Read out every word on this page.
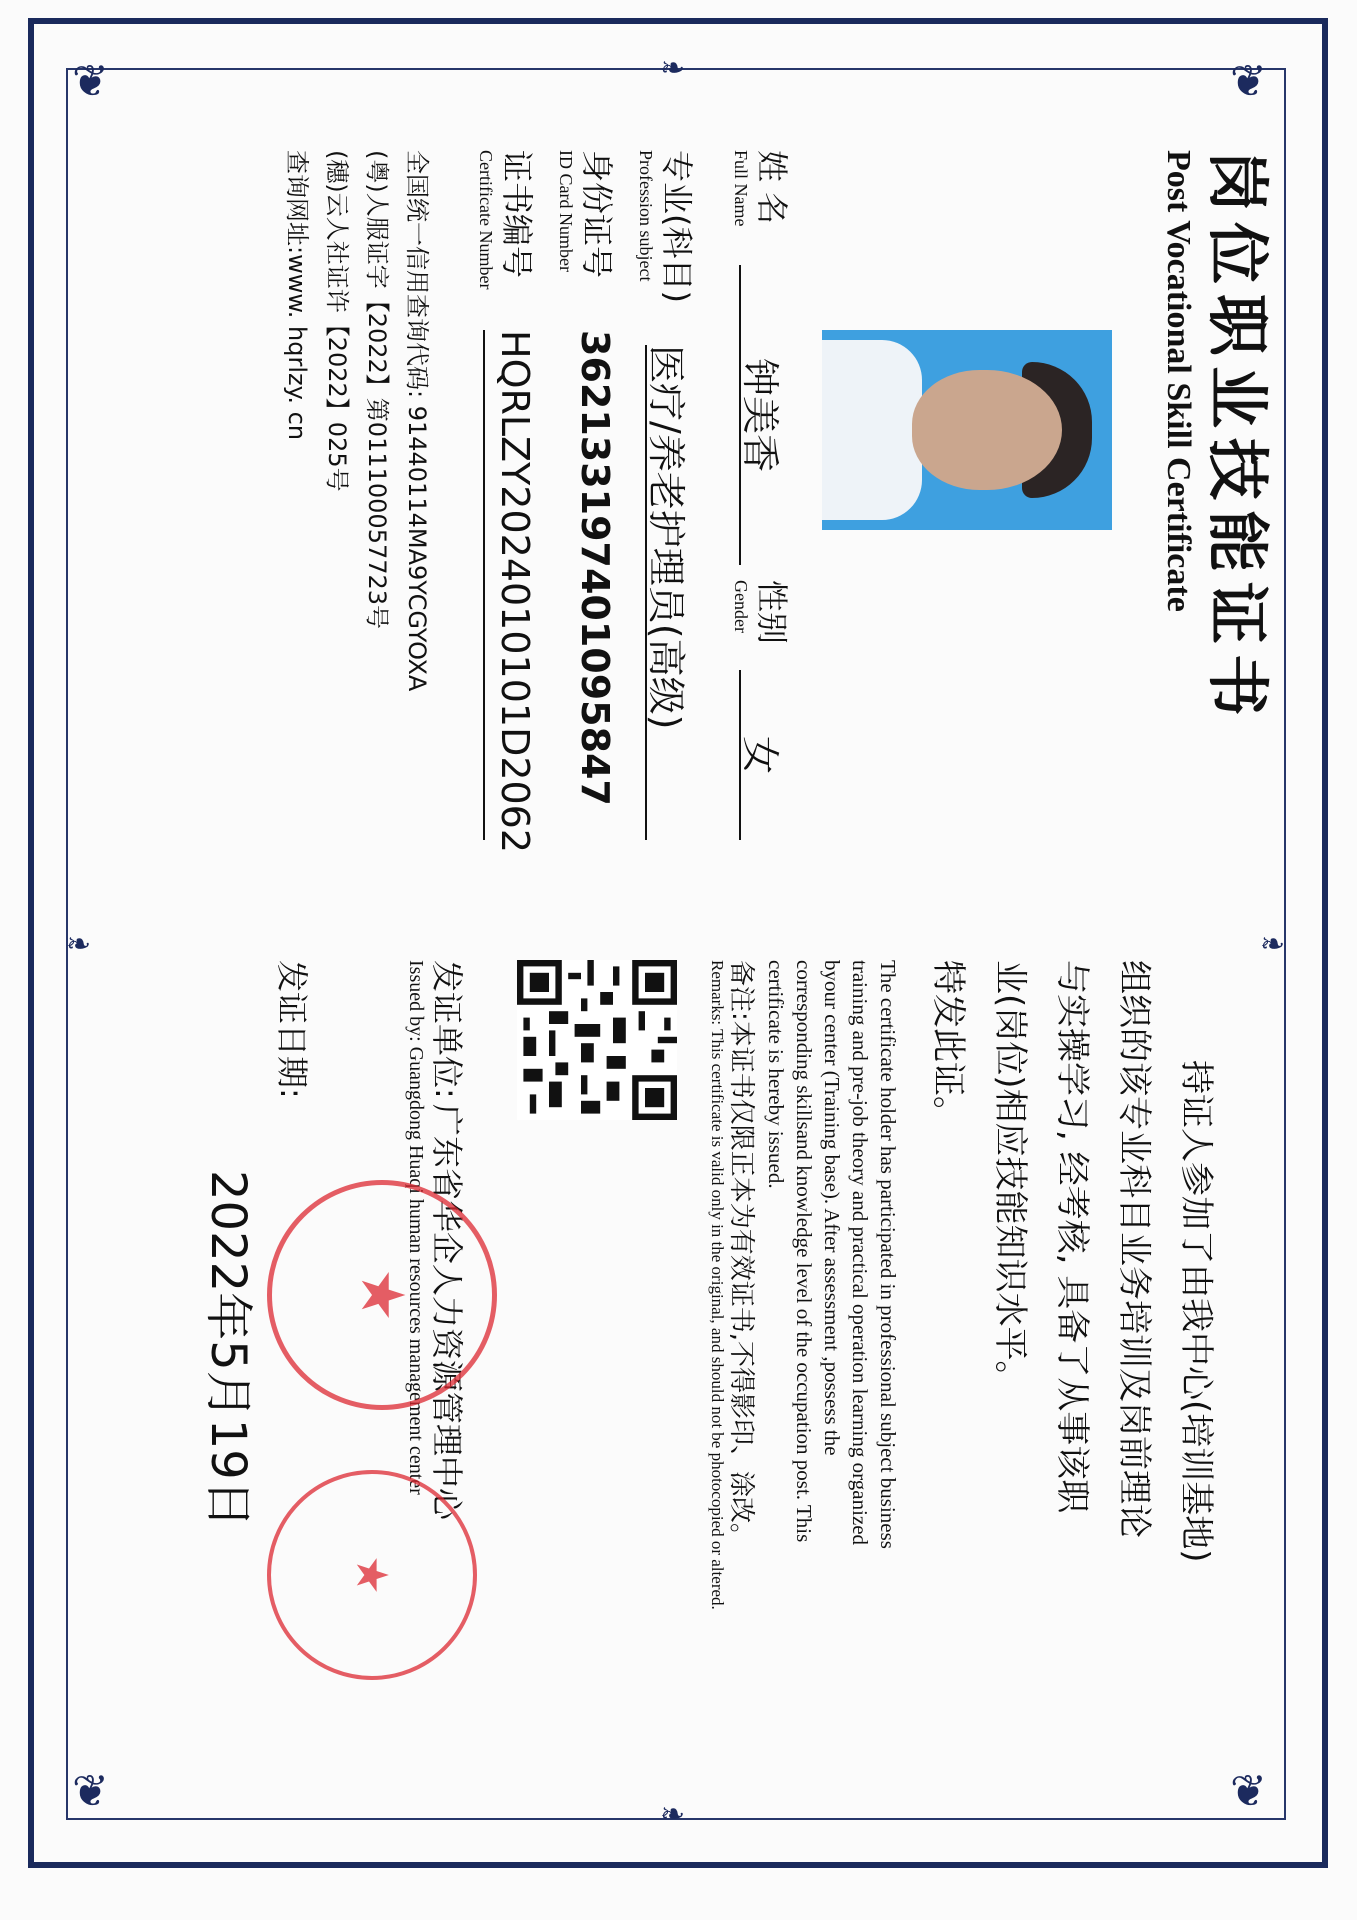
❦	❦
❦	❦
❧
❧
❧	❧
岗位职业技能证书
Post Vocational Skill Certificate
姓 名
Full Name
钟美香
性别
Gender
女
专业(科目)
Profession subject
医疗/养老护理员(高级)
身份证号
ID Card Number
362133197401095847
证书编号
Certificate Number
HQRLZY2024010101D2062
全国统一信用查询代码: 91440114MA9YCGYOXA
(粤)人服证字【2022】第011100057723号
(穗)云人社证许【2022】025号
查询网址:www. hqrlzy. cn
持证人参加了由我中心(培训基地)
组织的该专业科目业务培训及岗前理论
与实操学习, 经考核, 具备了从事该职
业(岗位)相应技能知识水平。
特发此证。
The certificate holder has participated in professional subject business
training and pre-job theory and practical operation learning organized
byour center (Training base). After assessment ,possess the
corresponding skillsand knowledge level of the occupation post. This
certificate is hereby issued.
备注:本证书仅限正本为有效证书,不得影印、涂改。
Remarks: This certificate is valid only in the original, and should not be photocopied or altered.
发证单位: 广东省华企人力资源管理中心
Issued by: Guangdong Huaqi human resources management center
发证日期:
2022年5月19日 ★
★
